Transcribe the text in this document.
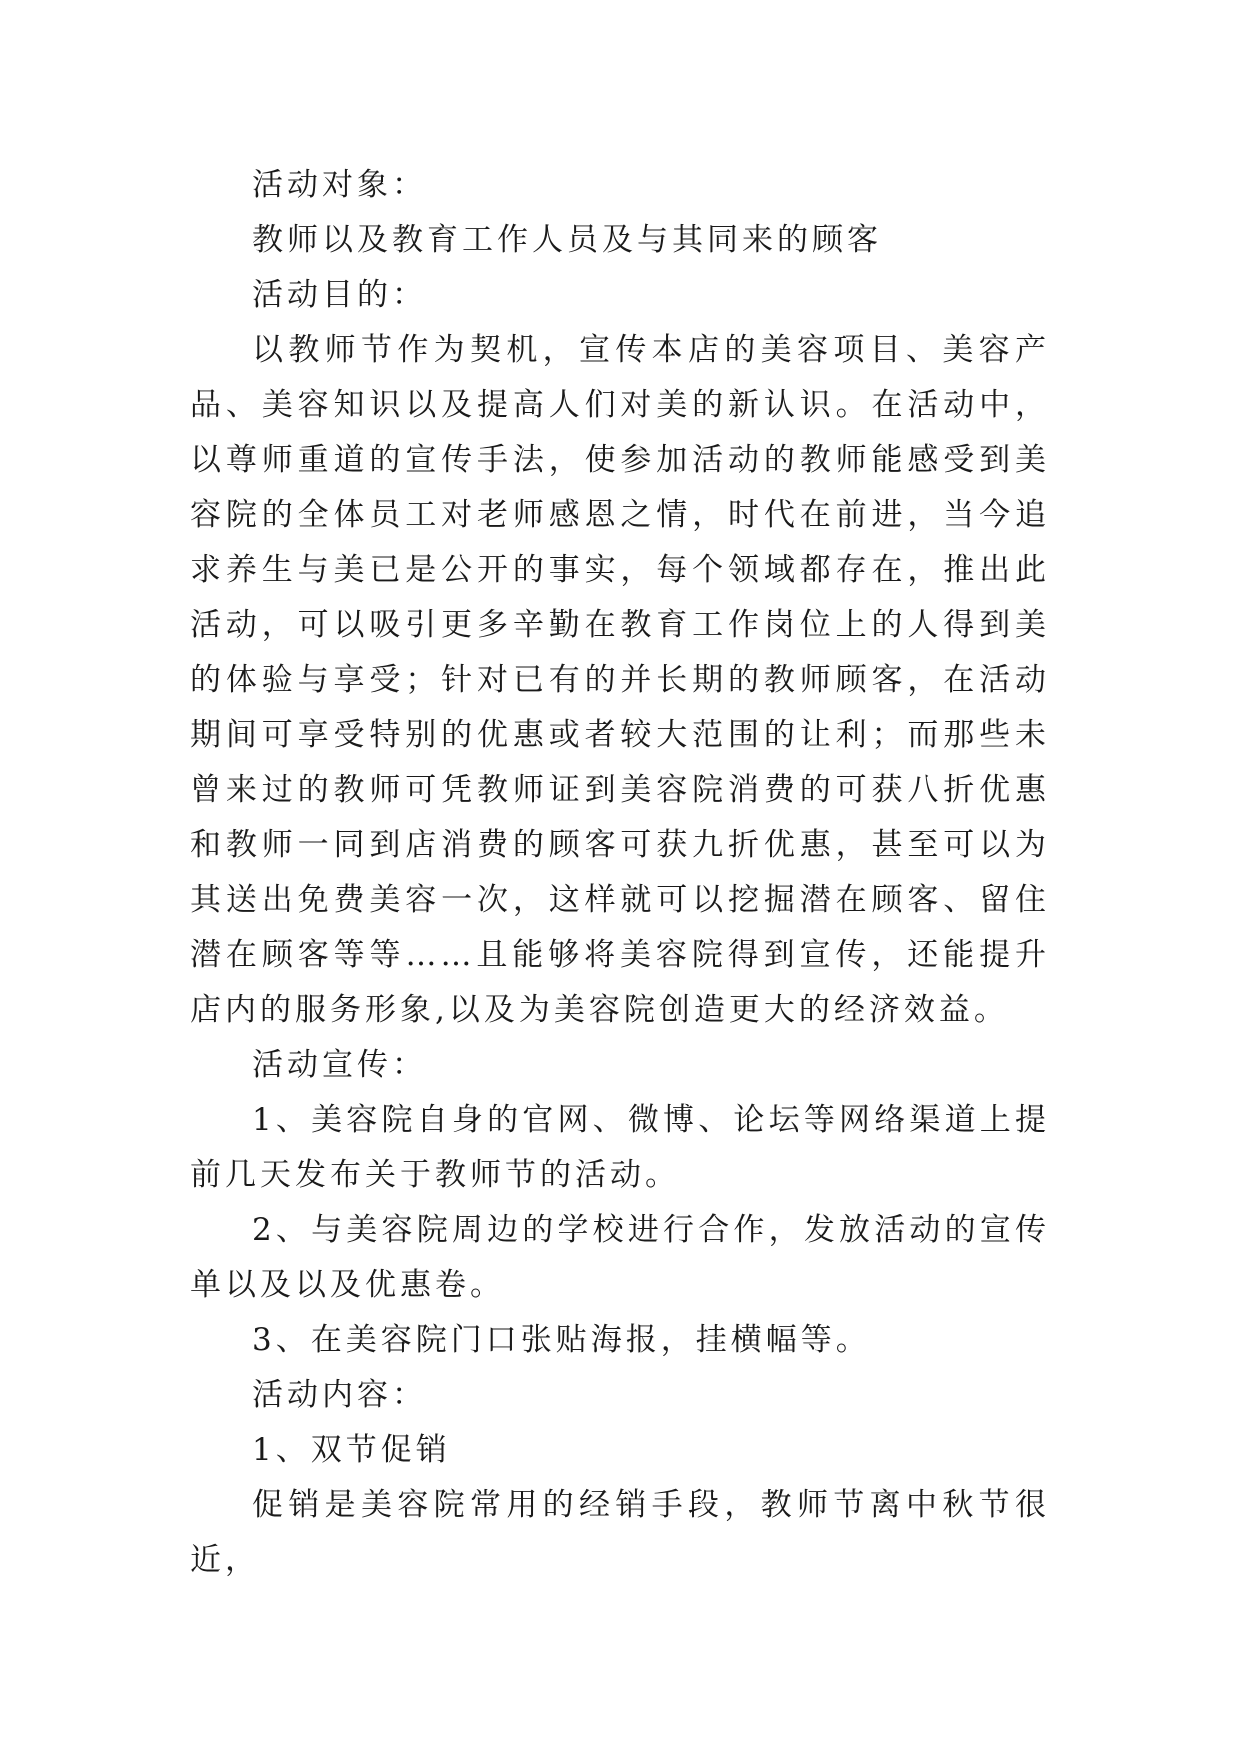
活动对象：

教师以及教育工作人员及与其同来的顾客

活动目的：

以教师节作为契机，宣传本店的美容项目、美容产品、美容知识以及提高人们对美的新认识。在活动中，以尊师重道的宣传手法，使参加活动的教师能感受到美容院的全体员工对老师感恩之情，时代在前进，当今追求养生与美已是公开的事实，每个领域都存在，推出此活动，可以吸引更多辛勤在教育工作岗位上的人得到美的体验与享受；针对已有的并长期的教师顾客，在活动期间可享受特别的优惠或者较大范围的让利；而那些未曾来过的教师可凭教师证到美容院消费的可获八折优惠和教师一同到店消费的顾客可获九折优惠，甚至可以为其送出免费美容一次，这样就可以挖掘潜在顾客、留住潜在顾客等等……且能够将美容院得到宣传，还能提升店内的服务形象,以及为美容院创造更大的经济效益。

活动宣传：

1、美容院自身的官网、微博、论坛等网络渠道上提前几天发布关于教师节的活动。

2、与美容院周边的学校进行合作，发放活动的宣传单以及以及优惠卷。

3、在美容院门口张贴海报，挂横幅等。

活动内容：

1、双节促销

促销是美容院常用的经销手段，教师节离中秋节很近，
